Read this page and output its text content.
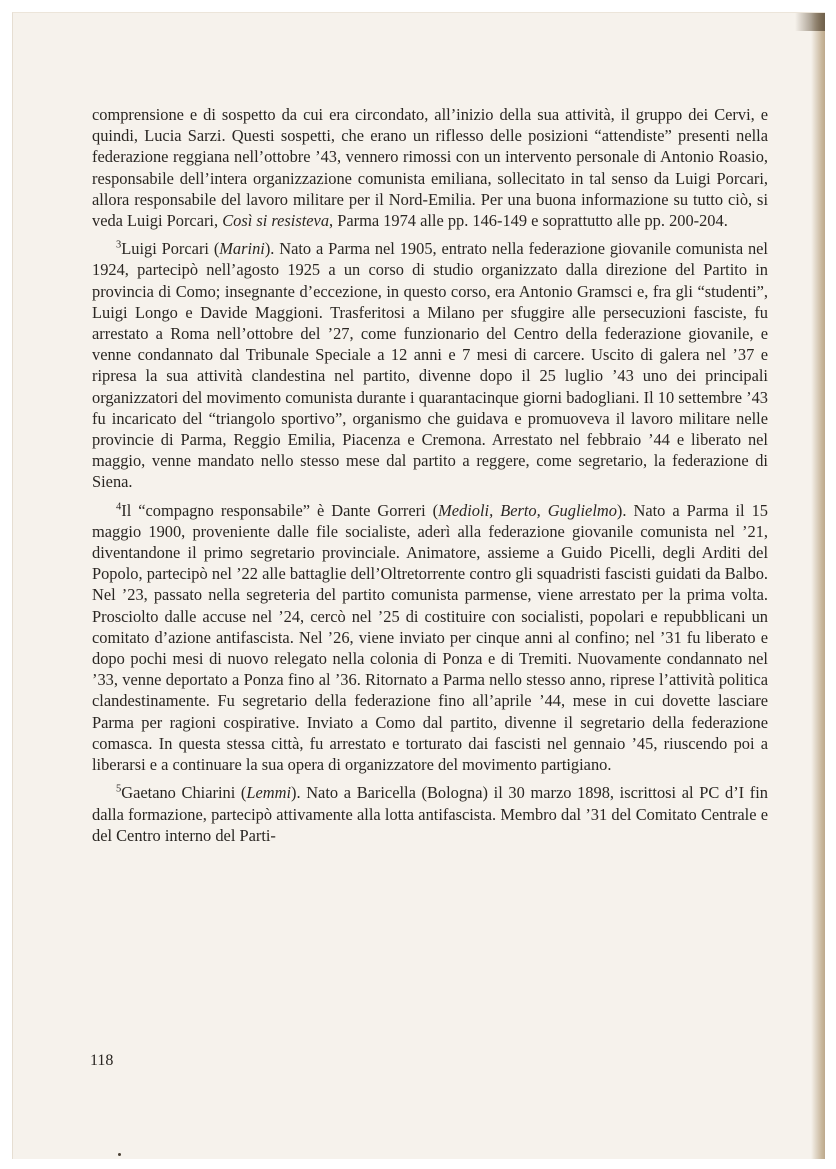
comprensione e di sospetto da cui era circondato, all’inizio della sua attività, il gruppo dei Cervi, e quindi, Lucia Sarzi. Questi sospetti, che erano un riflesso delle posizioni “attendiste” presenti nella federazione reggiana nell’ottobre ’43, vennero rimossi con un intervento personale di Antonio Roasio, responsabile dell’intera organizzazione comunista emiliana, sollecitato in tal senso da Luigi Porcari, allora responsabile del lavoro militare per il Nord-Emilia. Per una buona informazione su tutto ciò, si veda Luigi Porcari, Così si resisteva, Parma 1974 alle pp. 146-149 e soprattutto alle pp. 200-204.

$^3$Luigi Porcari (Marini). Nato a Parma nel 1905, entrato nella federazione giovanile comunista nel 1924, partecipò nell’agosto 1925 a un corso di studio organizzato dalla direzione del Partito in provincia di Como; insegnante d’eccezione, in questo corso, era Antonio Gramsci e, fra gli “studenti”, Luigi Longo e Davide Maggioni. Trasferitosi a Milano per sfuggire alle persecuzioni fasciste, fu arrestato a Roma nell’ottobre del ’27, come funzionario del Centro della federazione giovanile, e venne condannato dal Tribunale Speciale a 12 anni e 7 mesi di carcere. Uscito di galera nel ’37 e ripresa la sua attività clandestina nel partito, divenne dopo il 25 luglio ’43 uno dei principali organizzatori del movimento comunista durante i quarantacinque giorni badogliani. Il 10 settembre ’43 fu incaricato del “triangolo sportivo”, organismo che guidava e promuoveva il lavoro militare nelle provincie di Parma, Reggio Emilia, Piacenza e Cremona. Arrestato nel febbraio ’44 e liberato nel maggio, venne mandato nello stesso mese dal partito a reggere, come segretario, la federazione di Siena.

$^4$Il “compagno responsabile” è Dante Gorreri (Medioli, Berto, Guglielmo). Nato a Parma il 15 maggio 1900, proveniente dalle file socialiste, aderì alla federazione giovanile comunista nel ’21, diventandone il primo segretario provinciale. Animatore, assieme a Guido Picelli, degli Arditi del Popolo, partecipò nel ’22 alle battaglie dell’Oltretorrente contro gli squadristi fascisti guidati da Balbo. Nel ’23, passato nella segreteria del partito comunista parmense, viene arrestato per la prima volta. Prosciolto dalle accuse nel ’24, cercò nel ’25 di costituire con socialisti, popolari e repubblicani un comitato d’azione antifascista. Nel ’26, viene inviato per cinque anni al confino; nel ’31 fu liberato e dopo pochi mesi di nuovo relegato nella colonia di Ponza e di Tremiti. Nuovamente condannato nel ’33, venne deportato a Ponza fino al ’36. Ritornato a Parma nello stesso anno, riprese l’attività politica clandestinamente. Fu segretario della federazione fino all’aprile ’44, mese in cui dovette lasciare Parma per ragioni cospirative. Inviato a Como dal partito, divenne il segretario della federazione comasca. In questa stessa città, fu arrestato e torturato dai fascisti nel gennaio ’45, riuscendo poi a liberarsi e a continuare la sua opera di organizzatore del movimento partigiano.

$^5$Gaetano Chiarini (Lemmi). Nato a Baricella (Bologna) il 30 marzo 1898, iscrittosi al PC d’I fin dalla formazione, partecipò attivamente alla lotta antifascista. Membro dal ’31 del Comitato Centrale e del Centro interno del Parti-

118
